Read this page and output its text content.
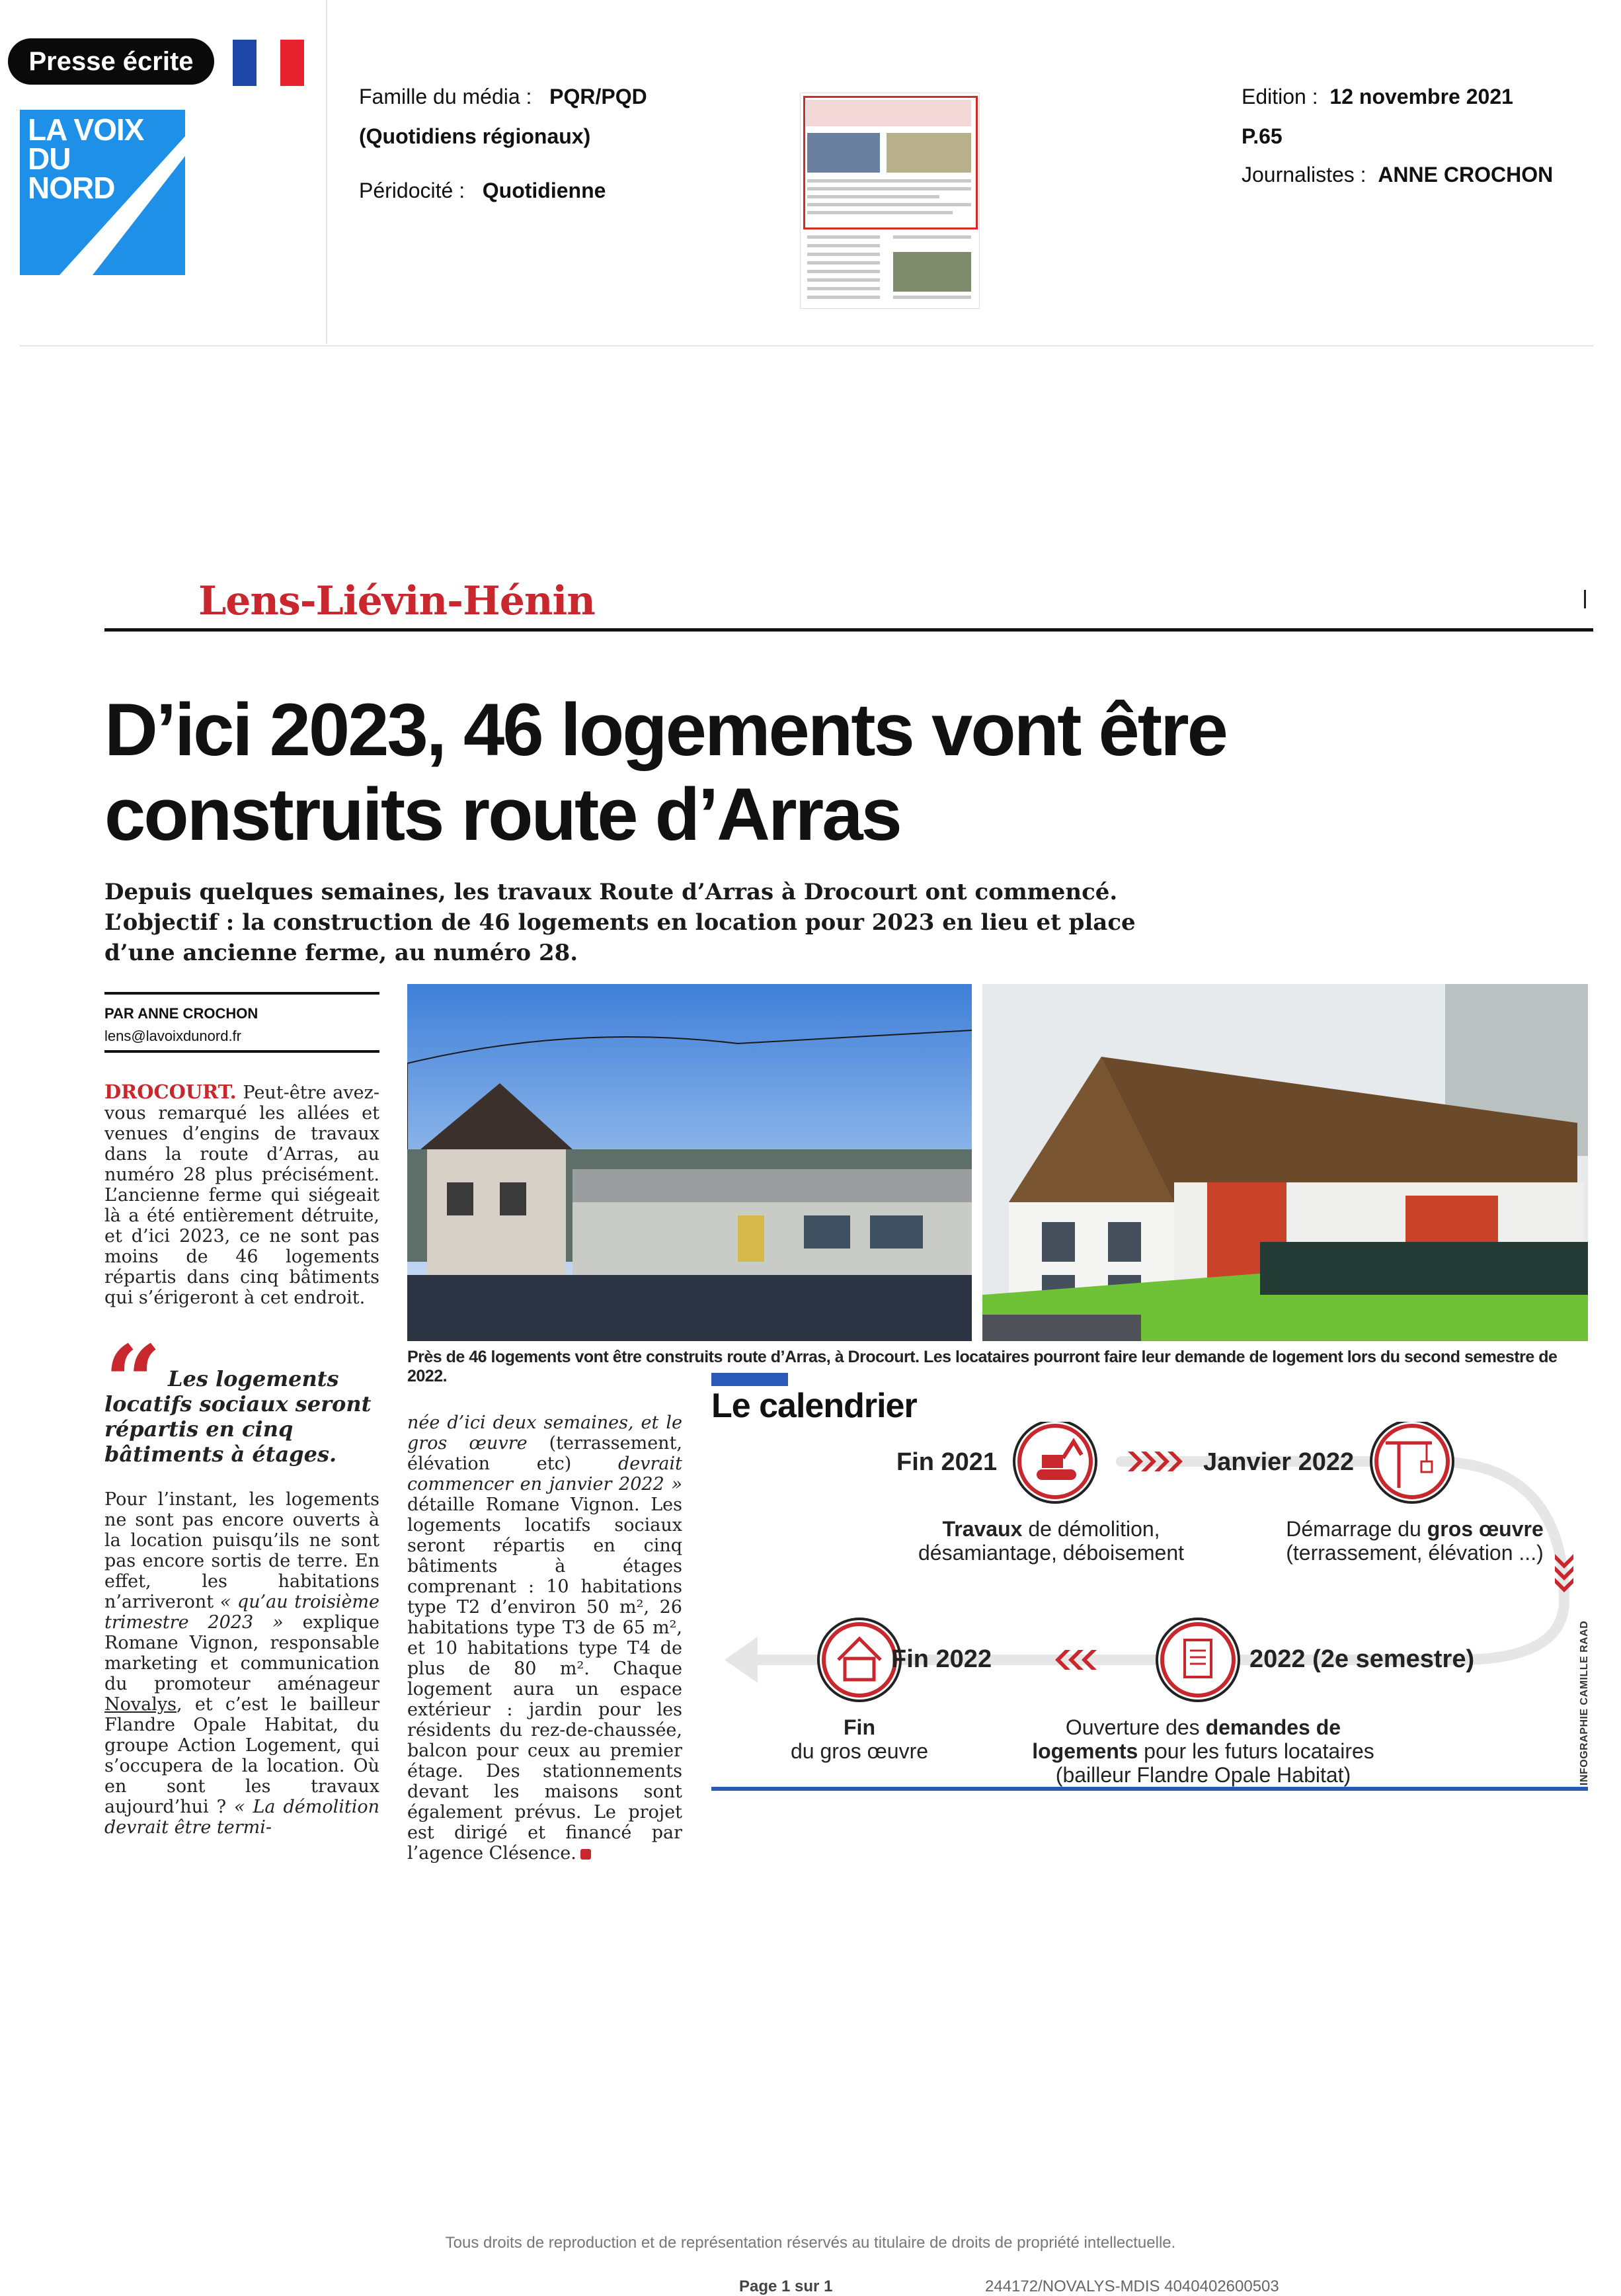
Presse écrite
LA VOIX
DU
NORD
Famille du média : PQR/PQD
(Quotidiens régionaux)
Péridocité : Quotidienne
Edition : 12 novembre 2021
P.65
Journalistes : ANNE CROCHON
Lens-Liévin-Hénin
D’ici 2023, 46 logements vont être
construits route d’Arras
Depuis quelques semaines, les travaux Route d’Arras à Drocourt ont commencé. L’objectif : la construction de 46 logements en location pour 2023 en lieu et place d’une ancienne ferme, au numéro 28.
PAR ANNE CROCHON
lens@lavoixdunord.fr
DROCOURT. Peut-être avez-vous remarqué les allées et venues d’engins de travaux dans la route d’Arras, au numéro 28 plus précisément. L’ancienne ferme qui siégeait là a été entièrement détruite, et d’ici 2023, ce ne sont pas moins de 46 logements répartis dans cinq bâtiments qui s’érigeront à cet endroit.
“ Les logements locatifs sociaux seront répartis en cinq bâtiments à étages.
Pour l’instant, les logements ne sont pas encore ouverts à la location puisqu’ils ne sont pas encore sortis de terre. En effet, les habitations n’arriveront « qu’au troisième trimestre 2023 » explique Romane Vignon, responsable marketing et communication du promoteur aménageur Novalys, et c’est le bailleur Flandre Opale Habitat, du groupe Action Logement, qui s’occupera de la location. Où en sont les travaux aujourd’hui ? « La démolition devrait être termi-
née d’ici deux semaines, et le gros œuvre (terrassement, élévation etc) devrait commencer en janvier 2022 » détaille Romane Vignon. Les logements locatifs sociaux seront répartis en cinq bâtiments à étages comprenant : 10 habitations type T2 d’environ 50 m², 26 habitations type T3 de 65 m², et 10 habitations type T4 de plus de 80 m². Chaque logement aura un espace extérieur : jardin pour les résidents du rez-de-chaussée, balcon pour ceux au premier étage. Des stationnements devant les maisons sont également prévus. Le projet est dirigé et financé par l’agence Clésence.
Près de 46 logements vont être construits route d’Arras, à Drocourt. Les locataires pourront faire leur demande de logement lors du second semestre de 2022.
Le calendrier
Fin 2021
Travaux de démolition,
désamiantage, déboisement
Janvier 2022
Démarrage du gros œuvre
(terrassement, élévation ...)
2022 (2e semestre)
Ouverture des demandes de
logements pour les futurs locataires
(bailleur Flandre Opale Habitat)
Fin 2022
Fin
du gros œuvre	INFOGRAPHIE CAMILLE RAAD
Tous droits de reproduction et de représentation réservés au titulaire de droits de propriété intellectuelle.
Page 1 sur 1	244172/NOVALYS-MDIS 4040402600503
